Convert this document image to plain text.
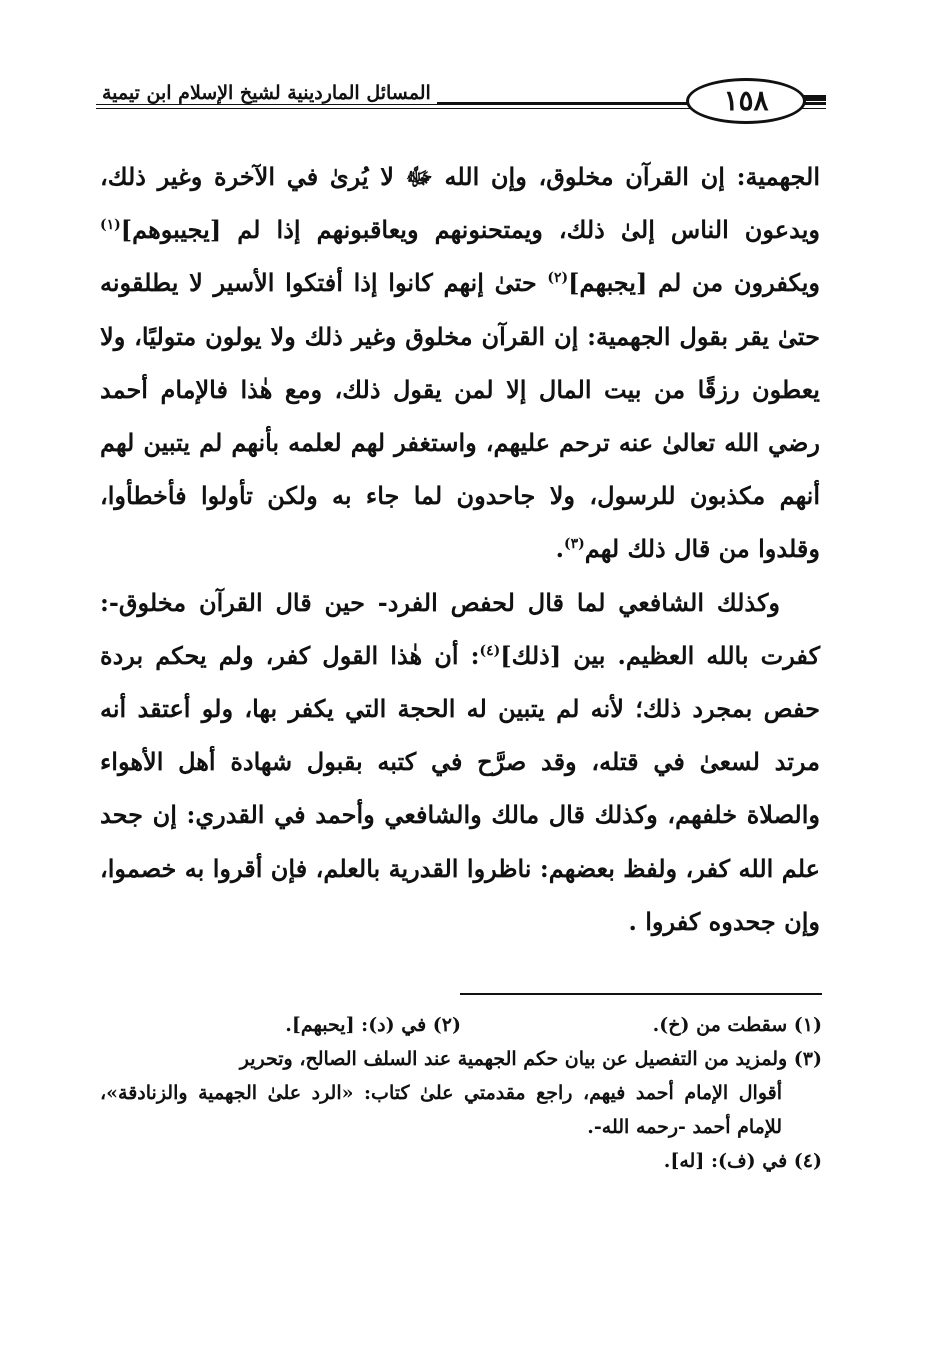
المسائل الماردينية لشيخ الإسلام ابن تيمية	١٥٨

الجهمية: إن القرآن مخلوق، وإن الله ﷻ لا يُرىٰ في الآخرة وغير ذلك، ويدعون الناس إلىٰ ذلك، ويمتحنونهم ويعاقبونهم إذا لم [يجيبوهم]$^{(١)}$ ويكفرون من لم [يجبهم]$^{(٢)}$ حتىٰ إنهم كانوا إذا أفتكوا الأسير لا يطلقونه حتىٰ يقر بقول الجهمية: إن القرآن مخلوق وغير ذلك ولا يولون متوليًا، ولا يعطون رزقًا من بيت المال إلا لمن يقول ذلك، ومع هٰذا فالإمام أحمد رضي الله تعالىٰ عنه ترحم عليهم، واستغفر لهم لعلمه بأنهم لم يتبين لهم أنهم مكذبون للرسول، ولا جاحدون لما جاء به ولكن تأولوا فأخطأوا، وقلدوا من قال ذلك لهم$^{(٣)}$.

وكذلك الشافعي لما قال لحفص الفرد- حين قال القرآن مخلوق-: كفرت بالله العظيم. بين [ذلك]$^{(٤)}$: أن هٰذا القول كفر، ولم يحكم بردة حفص بمجرد ذلك؛ لأنه لم يتبين له الحجة التي يكفر بها، ولو أعتقد أنه مرتد لسعىٰ في قتله، وقد صرَّح في كتبه بقبول شهادة أهل الأهواء والصلاة خلفهم، وكذلك قال مالك والشافعي وأحمد في القدري: إن جحد علم الله كفر، ولفظ بعضهم: ناظروا القدرية بالعلم، فإن أقروا به خصموا، وإن جحدوه كفروا .

(١) سقطت من (خ).
(٢) في (د): [يحبهم].
(٣) ولمزيد من التفصيل عن بيان حكم الجهمية عند السلف الصالح، وتحرير
أقوال الإمام أحمد فيهم، راجع مقدمتي علىٰ كتاب: «الرد علىٰ الجهمية والزنادقة»، للإمام أحمد -رحمه الله-.
(٤) في (ف): [له].
